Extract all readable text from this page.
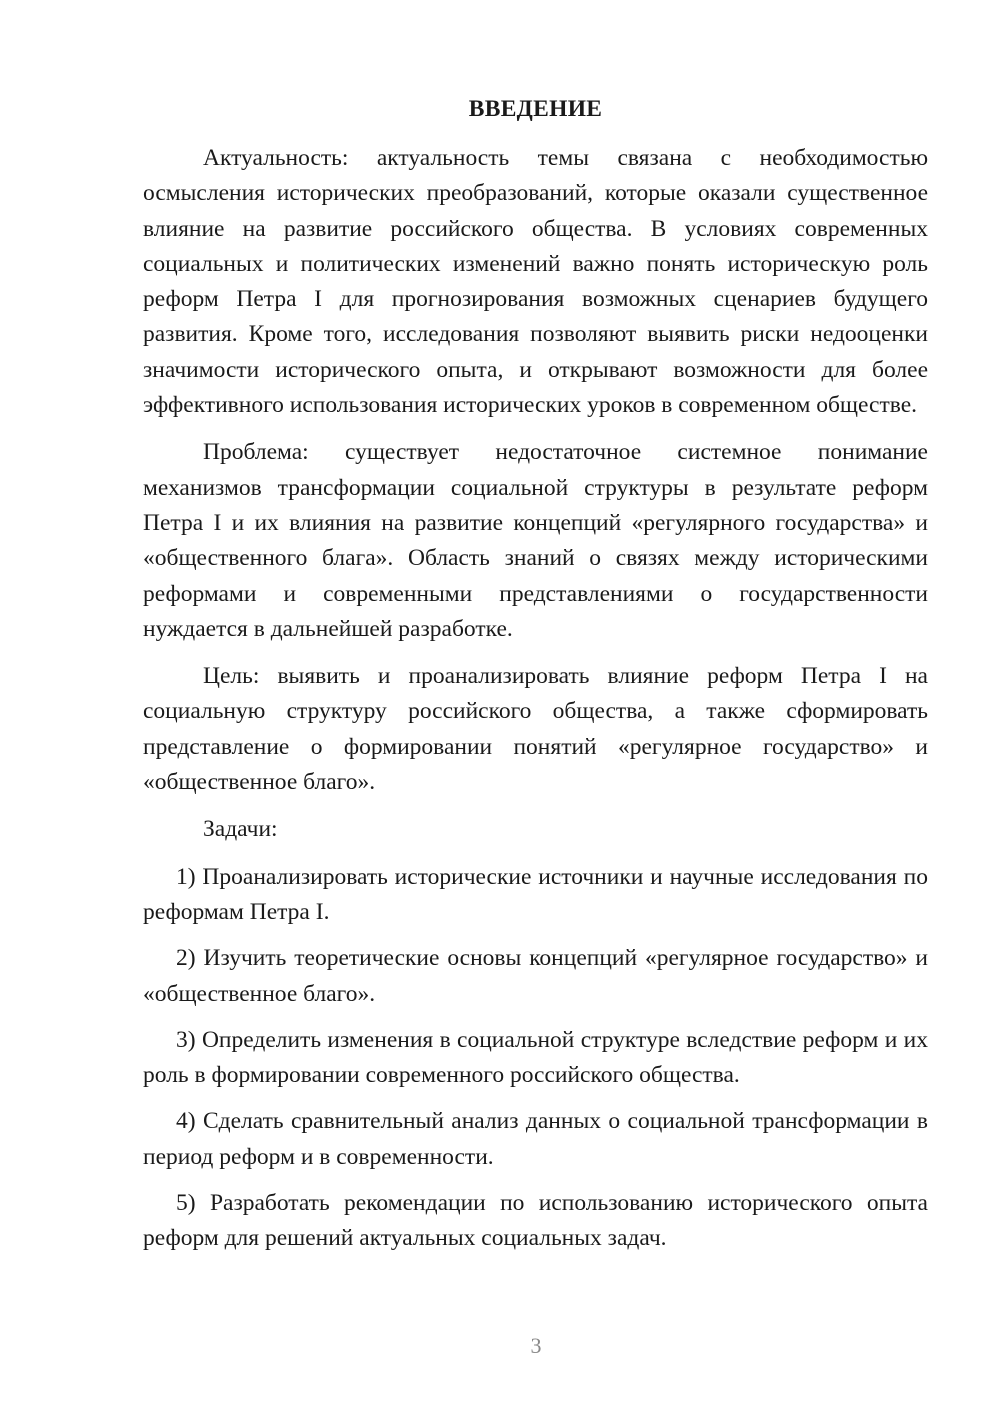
ВВЕДЕНИЕ

Актуальность: актуальность темы связана с необходимостью осмысления исторических преобразований, которые оказали существенное влияние на развитие российского общества. В условиях современных социальных и политических изменений важно понять историческую роль реформ Петра I для прогнозирования возможных сценариев будущего развития. Кроме того, исследования позволяют выявить риски недооценки значимости исторического опыта, и открывают возможности для более эффективного использования исторических уроков в современном обществе.

Проблема: существует недостаточное системное понимание механизмов трансформации социальной структуры в результате реформ Петра I и их влияния на развитие концепций «регулярного государства» и «общественного блага». Область знаний о связях между историческими реформами и современными представлениями о государственности нуждается в дальнейшей разработке.

Цель: выявить и проанализировать влияние реформ Петра I на социальную структуру российского общества, а также сформировать представление о формировании понятий «регулярное государство» и «общественное благо».

Задачи:

1) Проанализировать исторические источники и научные исследования по реформам Петра I.

2) Изучить теоретические основы концепций «регулярное государство» и «общественное благо».

3) Определить изменения в социальной структуре вследствие реформ и их роль в формировании современного российского общества.

4) Сделать сравнительный анализ данных о социальной трансформации в период реформ и в современности.

5) Разработать рекомендации по использованию исторического опыта реформ для решений актуальных социальных задач.

3
